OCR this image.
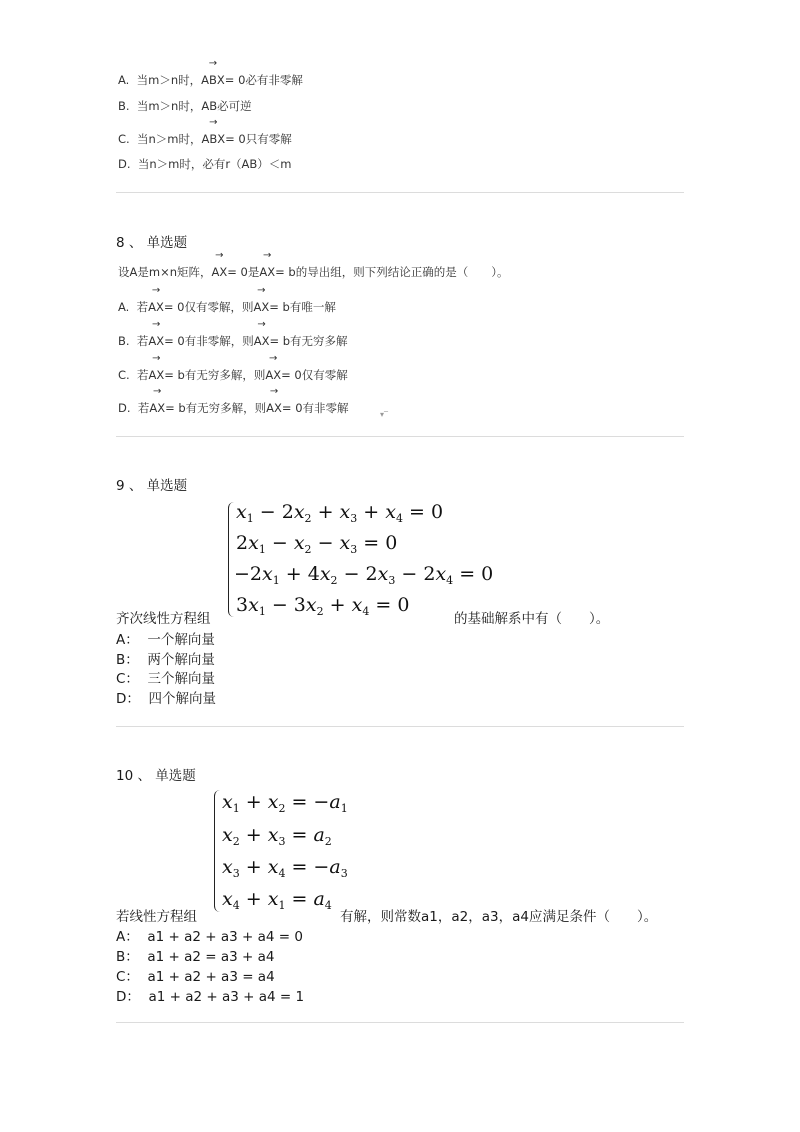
A. 当m＞n时，→ ABX= 0必有非零解
B. 当m＞n时，AB必可逆
C. 当n＞m时，→ ABX= 0只有零解
D. 当n＞m时，必有r（AB）＜m
8 、 单选题
设A是m×n矩阵，→ AX= 0是→ AX= b的导出组，则下列结论正确的是（　　）。
A. 若→ AX= 0仅有零解，则→ AX= b有唯一解
B. 若→ AX= 0有非零解，则→ AX= b有无穷多解
C. 若→ AX= b有无穷多解，则→ AX= 0仅有零解
D. 若→ AX= b有无穷多解，则→ AX= 0有非零解	▾‾
9 、 单选题
$x_1 - 2x_2 + x_3 + x_4 = 0$
$2x_1 - x_2 - x_3 = 0$
$-2x_1 + 4x_2 - 2x_3 - 2x_4 = 0$
$3x_1 - 3x_2 + x_4 = 0$
齐次线性方程组	的基础解系中有（　　）。
A： 一个解向量
B： 两个解向量
C： 三个解向量
D： 四个解向量
10 、 单选题
$x_1 + x_2 = -a_1$
$x_2 + x_3 = a_2$
$x_3 + x_4 = -a_3$
$x_4 + x_1 = a_4$
若线性方程组	有解，则常数a1，a2，a3，a4应满足条件（　　）。
A： a1 + a2 + a3 + a4 = 0
B： a1 + a2 = a3 + a4
C： a1 + a2 + a3 = a4
D： a1 + a2 + a3 + a4 = 1
